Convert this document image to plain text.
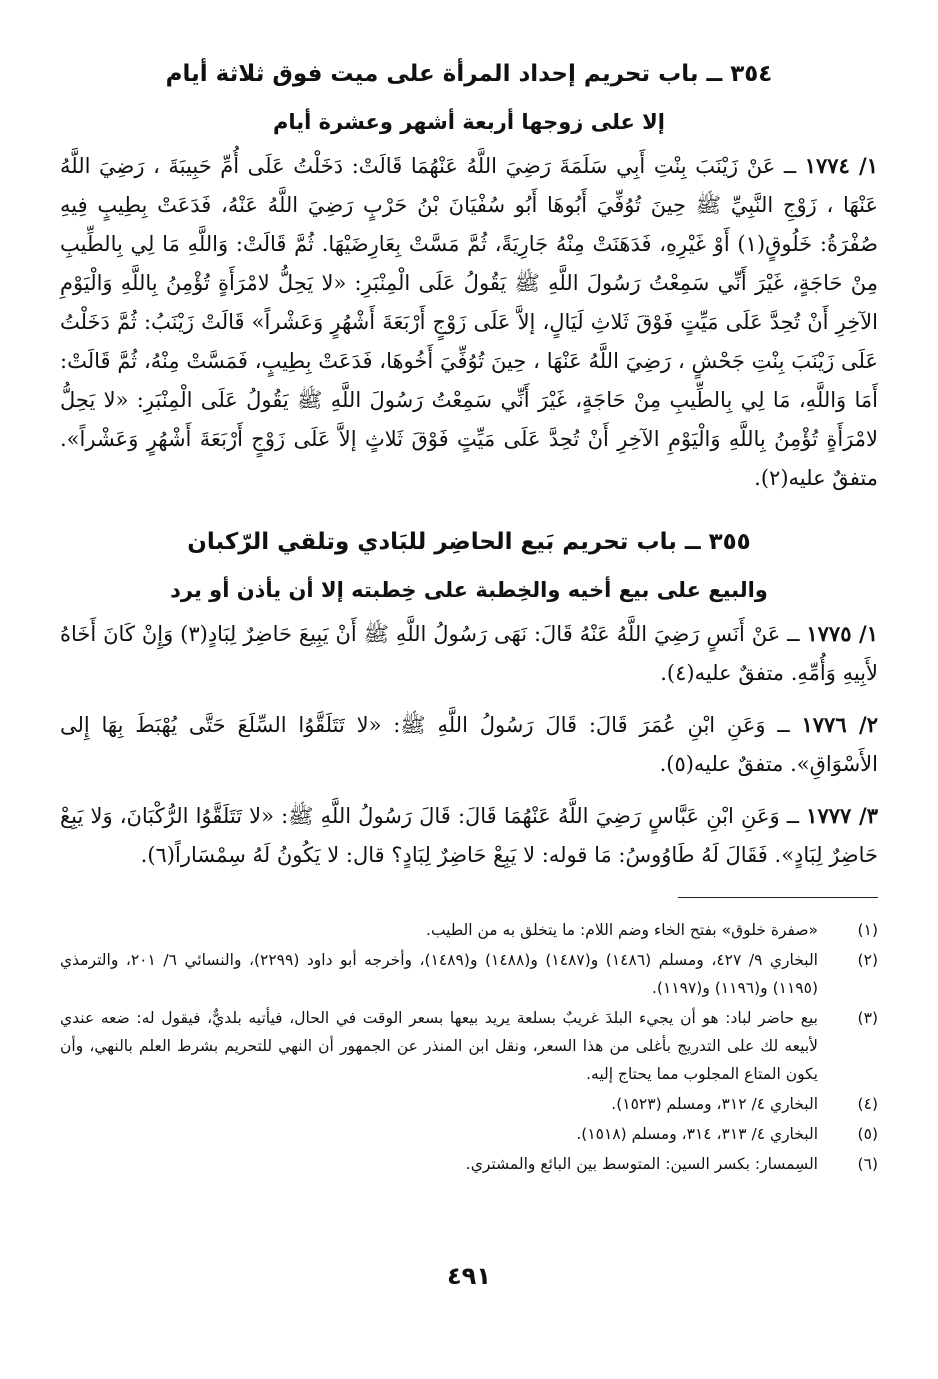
٣٥٤ ــ باب تحريم إحداد المرأة على ميت فوق ثلاثة أيام
إلا على زوجها أربعة أشهر وعشرة أيام

١/ ١٧٧٤ ــ عَنْ زَيْنَبَ بِنْتِ أَبِي سَلَمَةَ رَضِيَ اللَّهُ عَنْهُمَا قَالَتْ: دَخَلْتُ عَلَى أُمِّ حَبِيبَةَ ، رَضِيَ اللَّهُ عَنْهَا ، زَوْجِ النَّبِيِّ ﷺ حِينَ تُوُفِّيَ أَبُوهَا أَبُو سُفْيَانَ بْنُ حَرْبٍ رَضِيَ اللَّهُ عَنْهُ، فَدَعَتْ بِطِيبٍ فِيهِ صُفْرَةُ: خَلُوقٍ(١) أَوْ غَيْرِهِ، فَدَهَنَتْ مِنْهُ جَارِيَةً، ثُمَّ مَسَّتْ بِعَارِضَيْهَا. ثُمَّ قَالَتْ: وَاللَّهِ مَا لِي بِالطِّيبِ مِنْ حَاجَةٍ، غَيْرَ أَنِّي سَمِعْتُ رَسُولَ اللَّهِ ﷺ يَقُولُ عَلَى الْمِنْبَرِ: «لا يَحِلُّ لامْرَأَةٍ تُؤْمِنُ بِاللَّهِ وَالْيَوْمِ الآخِرِ أَنْ تُحِدَّ عَلَى مَيِّتٍ فَوْقَ ثَلاثِ لَيَالٍ، إلاَّ عَلَى زَوْجٍ أَرْبَعَةَ أَشْهُرٍ وَعَشْراً» قَالَتْ زَيْنَبُ: ثُمَّ دَخَلْتُ عَلَى زَيْنَبَ بِنْتِ جَحْشٍ ، رَضِيَ اللَّهُ عَنْهَا ، حِينَ تُوُفِّيَ أَخُوهَا، فَدَعَتْ بِطِيبٍ، فَمَسَّتْ مِنْهُ، ثُمَّ قَالَتْ: أَمَا وَاللَّهِ، مَا لِي بِالطِّيبِ مِنْ حَاجَةٍ، غَيْرَ أَنِّي سَمِعْتُ رَسُولَ اللَّهِ ﷺ يَقُولُ عَلَى الْمِنْبَرِ: «لا يَحِلُّ لامْرَأَةٍ تُؤْمِنُ بِاللَّهِ وَالْيَوْمِ الآخِرِ أَنْ تُحِدَّ عَلَى مَيِّتٍ فَوْقَ ثَلاثٍ إلاَّ عَلَى زَوْجٍ أَرْبَعَةَ أَشْهُرٍ وَعَشْراً». متفقٌ عليه(٢).

٣٥٥ ــ باب تحريم بَيع الحاضِر للبَادي وتلقي الرّكبان
والبيع على بيع أخيه والخِطبة على خِطبته إلا أن يأذن أو يرد

١/ ١٧٧٥ ــ عَنْ أَنَسٍ رَضِيَ اللَّهُ عَنْهُ قَالَ: نَهَى رَسُولُ اللَّهِ ﷺ أَنْ يَبِيعَ حَاضِرٌ لِبَادٍ(٣) وَإِنْ كَانَ أَخَاهُ لأَبِيهِ وَأُمِّهِ. متفقٌ عليه(٤).

٢/ ١٧٧٦ ــ وَعَنِ ابْنِ عُمَرَ قَالَ: قَالَ رَسُولُ اللَّهِ ﷺ: «لا تَتَلَقَّوُا السِّلَعَ حَتَّى يُهْبَطَ بِهَا إِلى الأَسْوَاقِ». متفقٌ عليه(٥).

٣/ ١٧٧٧ ــ وَعَنِ ابْنِ عَبَّاسٍ رَضِيَ اللَّهُ عَنْهُمَا قَالَ: قَالَ رَسُولُ اللَّهِ ﷺ: «لا تَتَلَقَّوُا الرُّكْبَانَ، وَلا يَبِعْ حَاضِرٌ لِبَادٍ». فَقَالَ لَهُ طَاوُوسُ: مَا قوله: لا يَبِعْ حَاضِرٌ لِبَادٍ؟ قال: لا يَكُونُ لَهُ سِمْسَاراً(٦).

(١)
«صفرة خلوق» بفتح الخاء وضم اللام: ما يتخلق به من الطيب.
(٢)
البخاري ٩/ ٤٢٧، ومسلم (١٤٨٦) و(١٤٨٧) و(١٤٨٨) و(١٤٨٩)، وأخرجه أبو داود (٢٢٩٩)، والنسائي ٦/ ٢٠١، والترمذي (١١٩٥) و(١١٩٦) و(١١٩٧).
(٣)
بيع حاضر لباد: هو أن يجيء البلدَ غريبٌ بسلعة يريد بيعها بسعر الوقت في الحال، فيأتيه بلديٌّ، فيقول له: ضعه عندي لأبيعه لك على التدريج بأغلى من هذا السعر، ونقل ابن المنذر عن الجمهور أن النهي للتحريم بشرط العلم بالنهي، وأن يكون المتاع المجلوب مما يحتاج إليه.
(٤)
البخاري ٤/ ٣١٢، ومسلم (١٥٢٣).
(٥)
البخاري ٤/ ٣١٣، ٣١٤، ومسلم (١٥١٨).
(٦)
السِمسار: بكسر السين: المتوسط بين البائع والمشتري.
٤٩١
